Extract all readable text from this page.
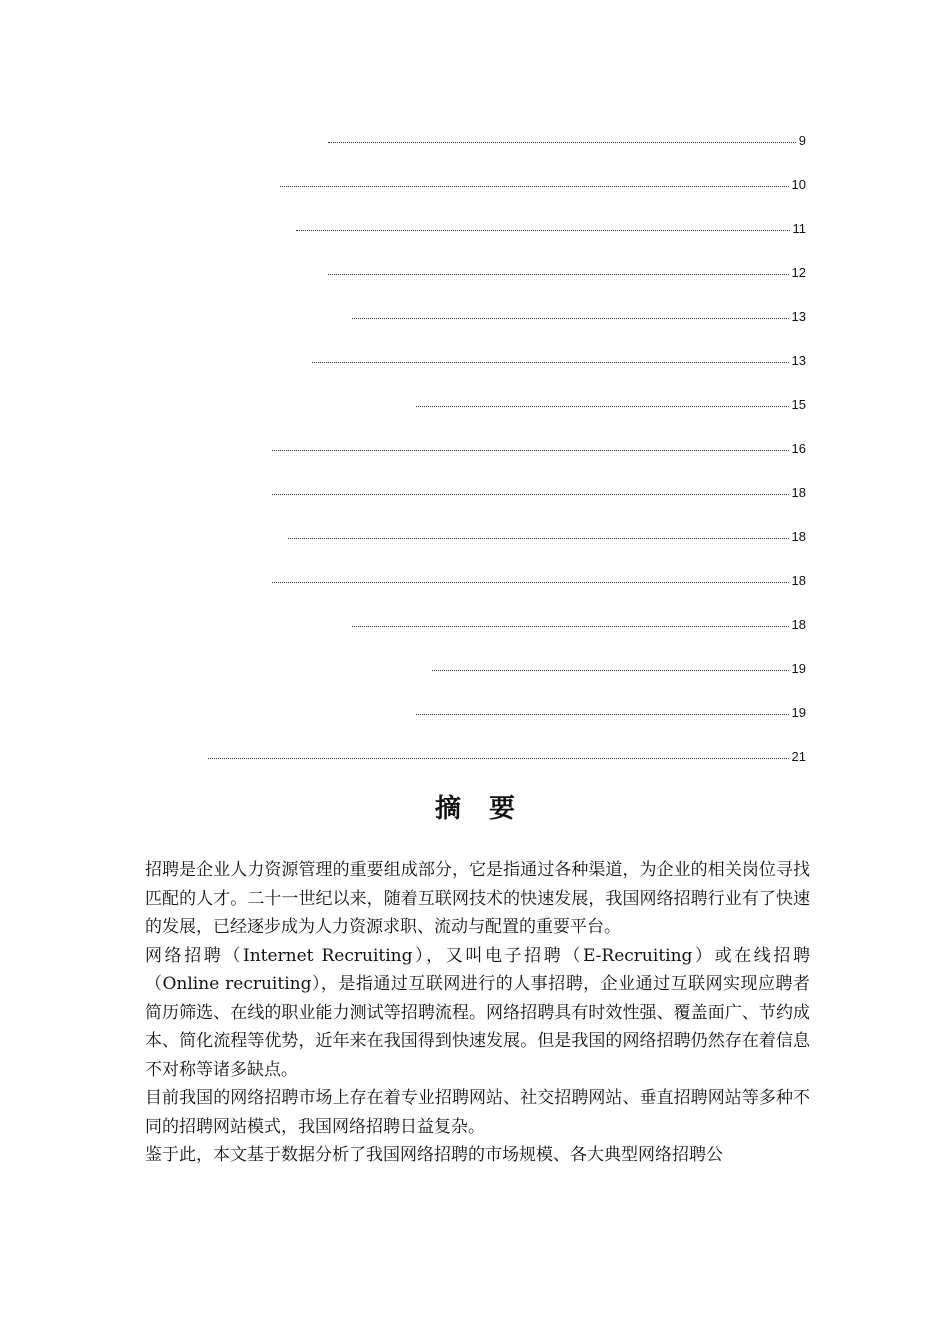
9
10
11
12
13
13
15
16
18
18
18
18
19
19
21
摘要

招聘是企业人力资源管理的重要组成部分，它是指通过各种渠道，为企业的相关岗位寻找匹配的人才。二十一世纪以来，随着互联网技术的快速发展，我国网络招聘行业有了快速的发展，已经逐步成为人力资源求职、流动与配置的重要平台。

网络招聘（Internet Recruiting），又叫电子招聘（E-Recruiting）或在线招聘（Online recruiting），是指通过互联网进行的人事招聘，企业通过互联网实现应聘者简历筛选、在线的职业能力测试等招聘流程。网络招聘具有时效性强、覆盖面广、节约成本、简化流程等优势，近年来在我国得到快速发展。但是我国的网络招聘仍然存在着信息不对称等诸多缺点。

目前我国的网络招聘市场上存在着专业招聘网站、社交招聘网站、垂直招聘网站等多种不同的招聘网站模式，我国网络招聘日益复杂。

鉴于此，本文基于数据分析了我国网络招聘的市场规模、各大典型网络招聘公
